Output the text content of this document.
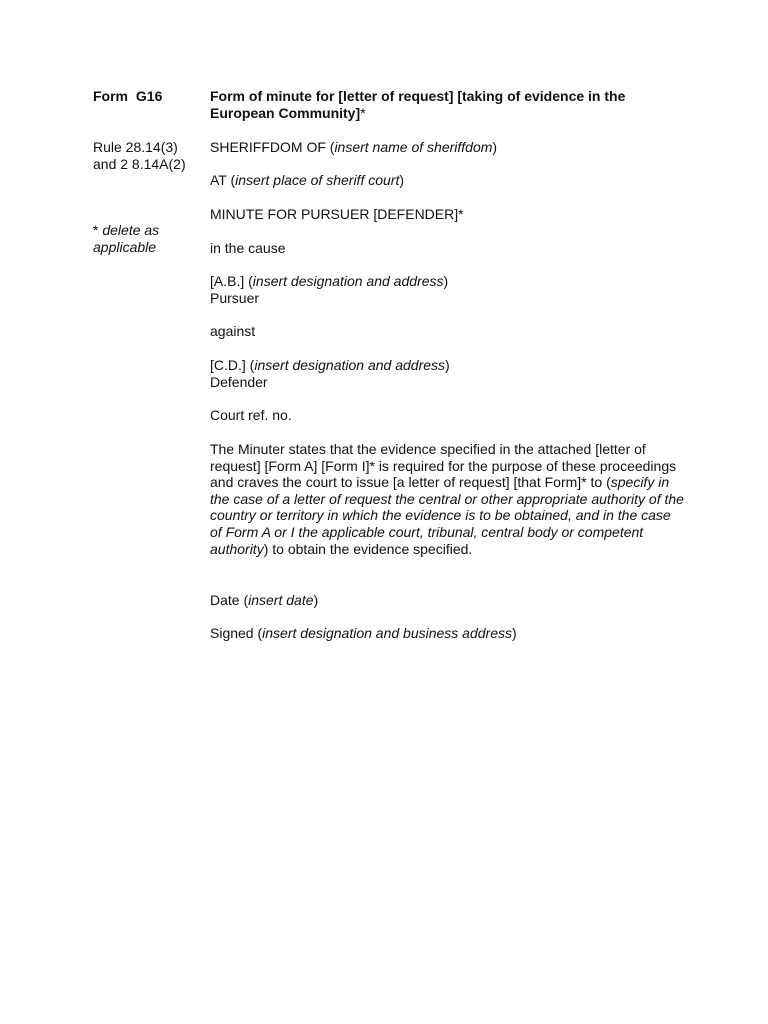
Form G16
Rule 28.14(3)
and 2 8.14A(2)
* delete as
applicable
Form of minute for [letter of request] [taking of evidence in the European Community]*
SHERIFFDOM OF (insert name of sheriffdom)
AT (insert place of sheriff court)
MINUTE FOR PURSUER [DEFENDER]*
in the cause
[A.B.] (insert designation and address)
Pursuer
against
[C.D.] (insert designation and address)
Defender
Court ref. no.
The Minuter states that the evidence specified in the attached [letter of request] [Form A] [Form I]* is required for the purpose of these proceedings and craves the court to issue [a letter of request] [that Form]* to (specify in the case of a letter of request the central or other appropriate authority of the country or territory in which the evidence is to be obtained, and in the case of Form A or I the applicable court, tribunal, central body or competent authority) to obtain the evidence specified.
Date (insert date)
Signed (insert designation and business address)
